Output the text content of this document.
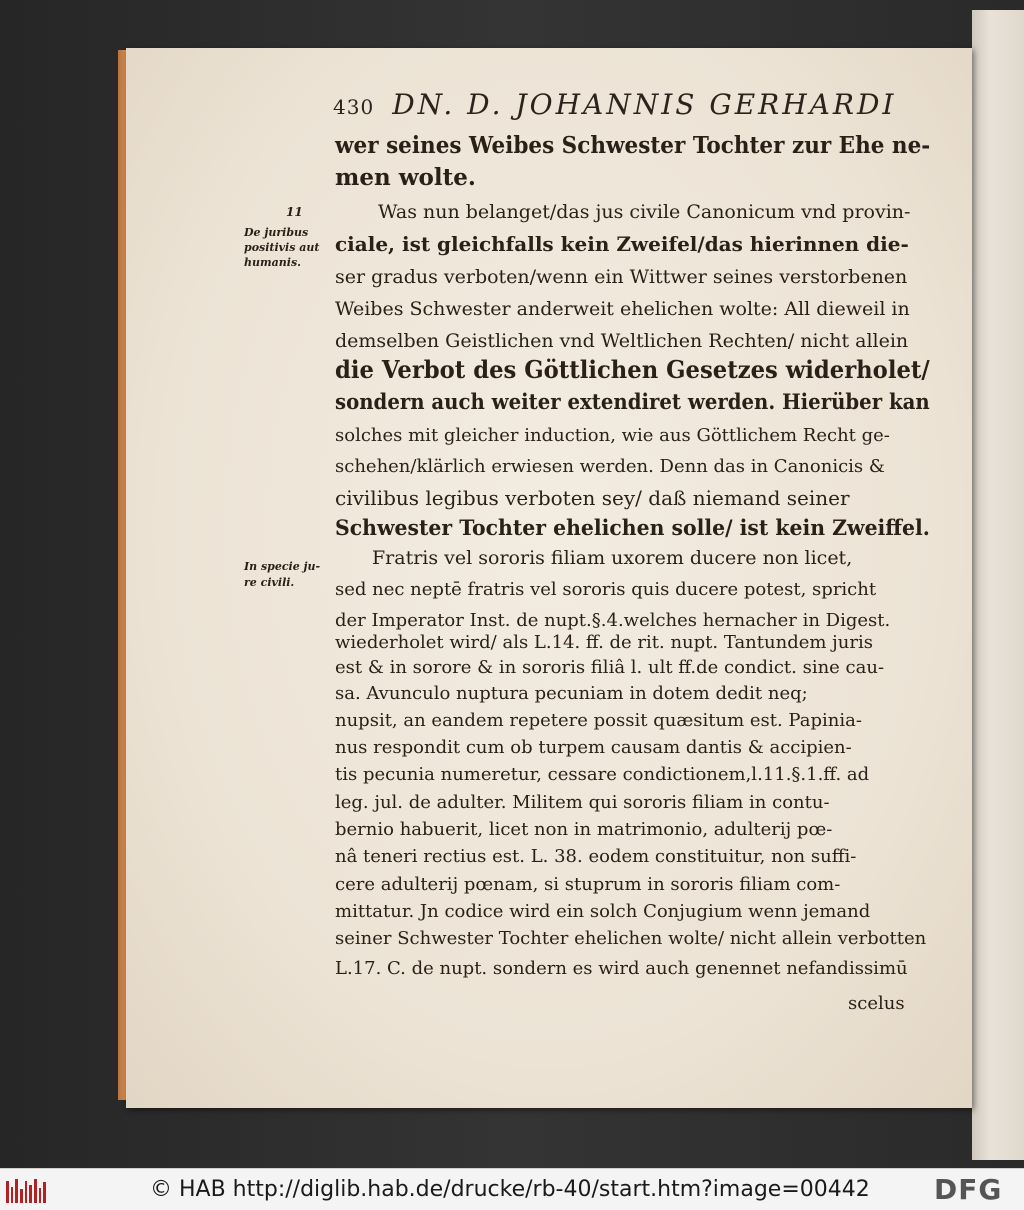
430 DN. D. JOHANNIS GERHARDI
11
De juribus
positivis aut
humanis.
In specie ju-
re civili.
wer seines Weibes Schwester Tochter zur Ehe ne-
men wolte.
Was nun belanget/das jus civile Canonicum vnd provin-
ciale, ist gleichfalls kein Zweifel/das hierinnen die-
ser gradus verboten/wenn ein Wittwer seines verstorbenen
Weibes Schwester anderweit ehelichen wolte: All dieweil in
demselben Geistlichen vnd Weltlichen Rechten/ nicht allein
die Verbot des Göttlichen Gesetzes widerholet/
sondern auch weiter extendiret werden. Hierüber kan
solches mit gleicher induction, wie aus Göttlichem Recht ge-
schehen/klärlich erwiesen werden. Denn das in Canonicis &
civilibus legibus verboten sey/ daß niemand seiner
Schwester Tochter ehelichen solle/ ist kein Zweiffel.
Fratris vel sororis filiam uxorem ducere non licet,
sed nec neptē fratris vel sororis quis ducere potest, spricht
der Imperator Inst. de nupt.§.4.welches hernacher in Digest.
wiederholet wird/ als L.14. ff. de rit. nupt. Tantundem juris
est & in sorore & in sororis filiâ l. ult ff.de condict. sine cau-
sa. Avunculo nuptura pecuniam in dotem dedit neq;
nupsit, an eandem repetere possit quæsitum est. Papinia-
nus respondit cum ob turpem causam dantis & accipien-
tis pecunia numeretur, cessare condictionem,l.11.§.1.ff. ad
leg. jul. de adulter. Militem qui sororis filiam in contu-
bernio habuerit, licet non in matrimonio, adulterij pœ-
nâ teneri rectius est. L. 38. eodem constituitur, non suffi-
cere adulterij pœnam, si stuprum in sororis filiam com-
mittatur. Jn codice wird ein solch Conjugium wenn jemand
seiner Schwester Tochter ehelichen wolte/ nicht allein verbotten
L.17. C. de nupt. sondern es wird auch genennet nefandissimū
scelus
© HAB http://diglib.hab.de/drucke/rb-40/start.htm?image=00442 DFG
